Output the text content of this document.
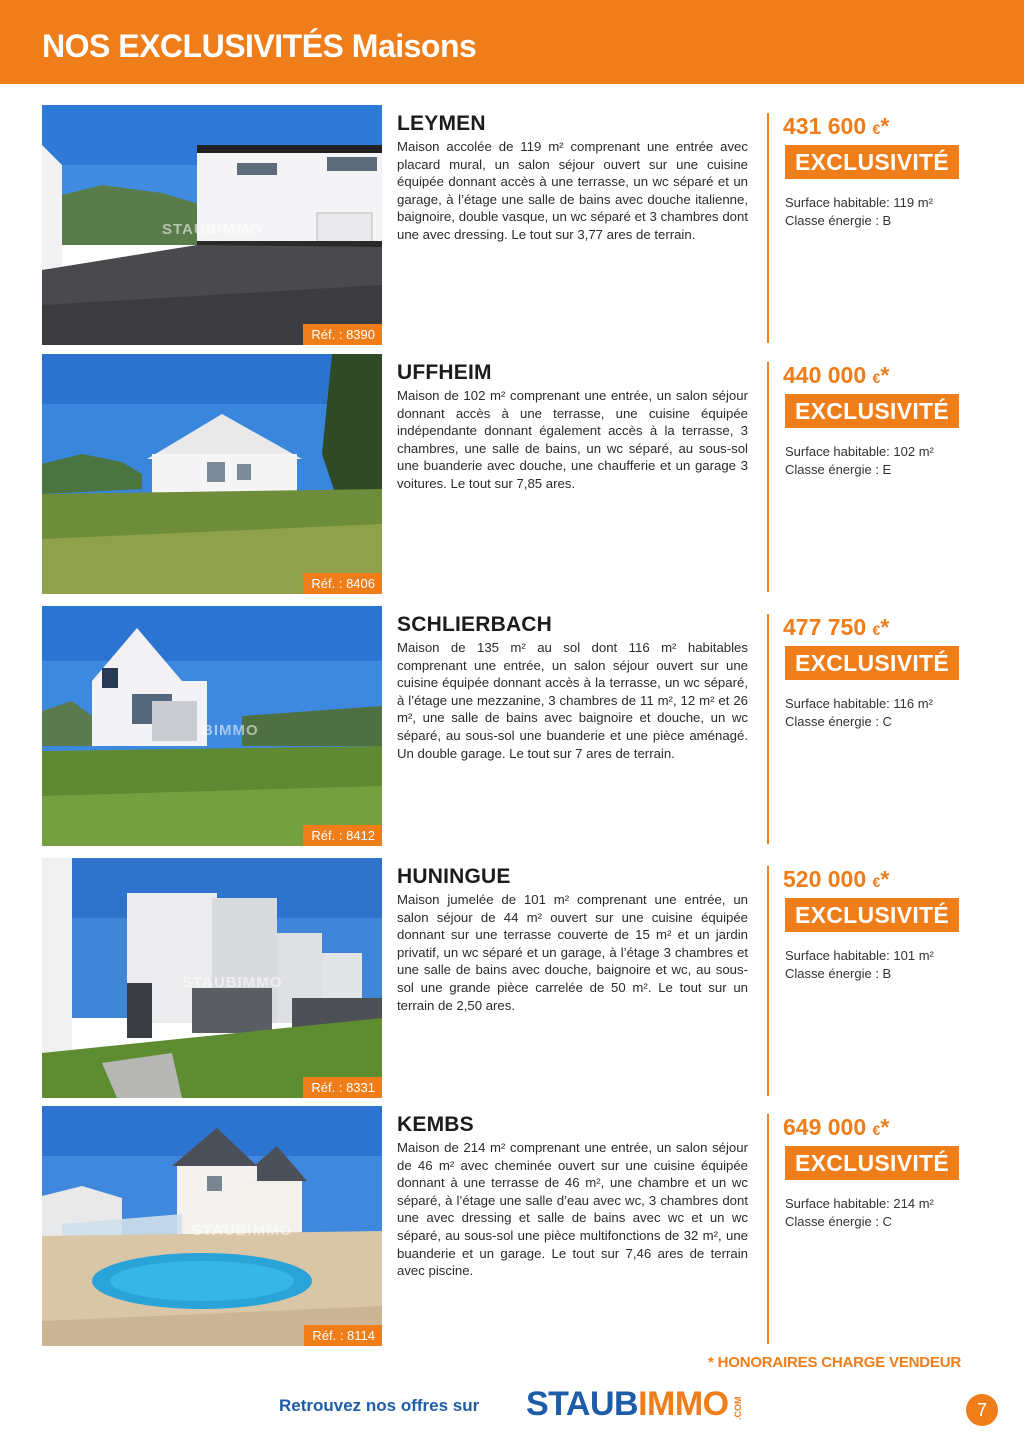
NOS EXCLUSIVITÉS Maisons
STAUBIMMO
Réf. : 8390
LEYMEN
Maison accolée de 119 m² comprenant une entrée avec placard mural, un salon séjour ouvert sur une cuisine équipée donnant accès à une terrasse, un wc séparé et un garage, à l’étage une salle de bains avec douche italienne, baignoire, double vasque, un wc séparé et 3 chambres dont une avec dressing. Le tout sur 3,77 ares de terrain.
431 600 €*
EXCLUSIVITÉ
Surface habitable: 119 m²
Classe énergie : B
Réf. : 8406
UFFHEIM
Maison de 102 m² comprenant une entrée, un salon séjour donnant accès à une terrasse, une cuisine équipée indépendante donnant également accès à la terrasse, 3 chambres, une salle de bains, un wc séparé, au sous-sol une buanderie avec douche, une chaufferie et un garage 3 voitures. Le tout sur 7,85 ares.
440 000 €*
EXCLUSIVITÉ
Surface habitable: 102 m²
Classe énergie : E
BIMMO
Réf. : 8412
SCHLIERBACH
Maison de 135 m² au sol dont 116 m² habitables comprenant une entrée, un salon séjour ouvert sur une cuisine équipée donnant accès à la terrasse, un wc séparé, à l’étage une mezzanine, 3 chambres de 11 m², 12 m² et 26 m², une salle de bains avec baignoire et douche, un wc séparé, au sous-sol une buanderie et une pièce aménagé. Un double garage. Le tout sur 7 ares de terrain.
477 750 €*
EXCLUSIVITÉ
Surface habitable: 116 m²
Classe énergie : C
STAUBIMMO
Réf. : 8331
HUNINGUE
Maison jumelée de 101 m² comprenant une entrée, un salon séjour de 44 m² ouvert sur une cuisine équipée donnant sur une terrasse couverte de 15 m² et un jardin privatif, un wc séparé et un garage, à l’étage 3 chambres et une salle de bains avec douche, baignoire et wc, au sous-sol une grande pièce carrelée de 50 m². Le tout sur un terrain de 2,50 ares.
520 000 €*
EXCLUSIVITÉ
Surface habitable: 101 m²
Classe énergie : B
STAUBIMMO
Réf. : 8114
KEMBS
Maison de 214 m² comprenant une entrée, un salon séjour de 46 m² avec cheminée ouvert sur une cuisine équipée donnant à une terrasse de 46 m², une chambre et un wc séparé, à l’étage une salle d’eau avec wc, 3 chambres dont une avec dressing et salle de bains avec wc et un wc séparé, au sous-sol une pièce multifonctions de 32 m², une buanderie et un garage. Le tout sur 7,46 ares de terrain avec piscine.
649 000 €*
EXCLUSIVITÉ
Surface habitable: 214 m²
Classe énergie : C
* HONORAIRES CHARGE VENDEUR
Retrouvez nos offres sur STAUBIMMO .COM	7
